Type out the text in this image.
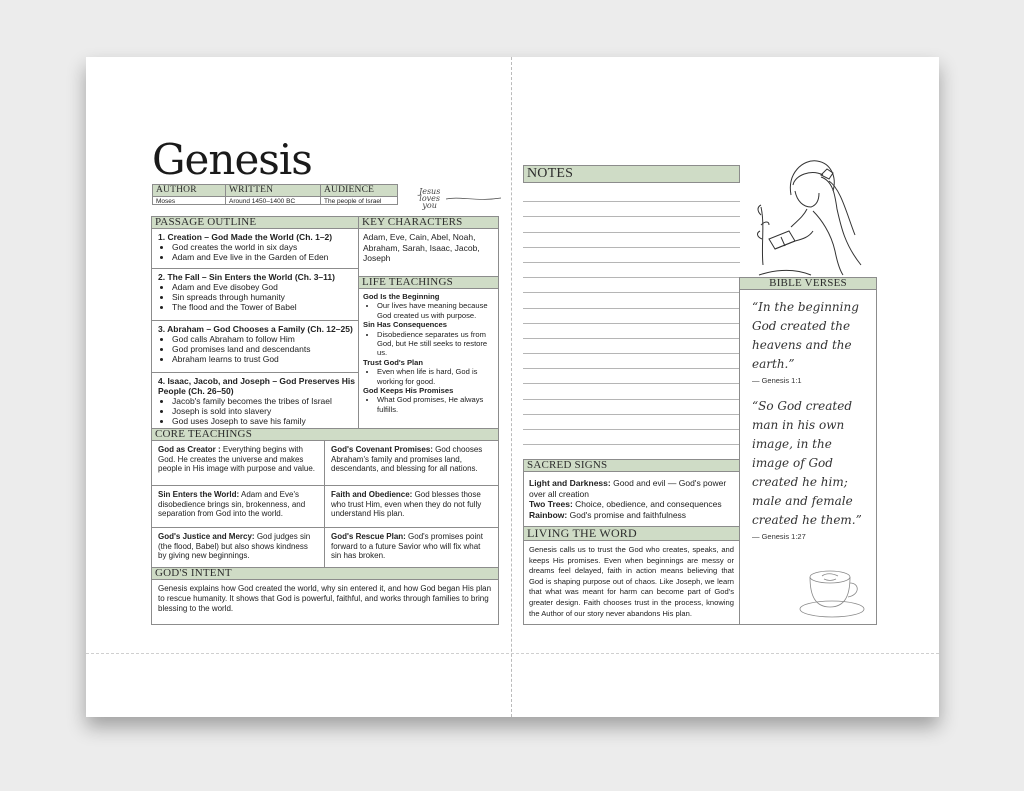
Genesis
AUTHOR
Moses
WRITTEN
Around 1450–1400 BC
AUDIENCE
The people of Israel
Jesus
loves
you
PASSAGE OUTLINE
1. Creation – God Made the World (Ch. 1–2)
• God creates the world in six days
• Adam and Eve live in the Garden of Eden
2. The Fall – Sin Enters the World (Ch. 3–11)
• Adam and Eve disobey God
• Sin spreads through humanity
• The flood and the Tower of Babel
3. Abraham – God Chooses a Family (Ch. 12–25)
• God calls Abraham to follow Him
• God promises land and descendants
• Abraham learns to trust God
4. Isaac, Jacob, and Joseph – God Preserves His People (Ch. 26–50)
• Jacob's family becomes the tribes of Israel
• Joseph is sold into slavery
• God uses Joseph to save his family
KEY CHARACTERS
Adam, Eve, Cain, Abel, Noah, Abraham, Sarah, Isaac, Jacob, Joseph
LIFE TEACHINGS
God Is the Beginning
• Our lives have meaning because God created us with purpose.
Sin Has Consequences
• Disobedience separates us from God, but He still seeks to restore us.
Trust God's Plan
• Even when life is hard, God is working for good.
God Keeps His Promises
• What God promises, He always fulfills.
CORE TEACHINGS
God as Creator : Everything begins with God. He creates the universe and makes people in His image with purpose and value.
God's Covenant Promises: God chooses Abraham's family and promises land, descendants, and blessing for all nations.
Sin Enters the World: Adam and Eve's disobedience brings sin, brokenness, and separation from God into the world.
Faith and Obedience: God blesses those who trust Him, even when they do not fully understand His plan.
God's Justice and Mercy: God judges sin (the flood, Babel) but also shows kindness by giving new beginnings.
God's Rescue Plan: God's promises point forward to a future Savior who will fix what sin has broken.
GOD'S INTENT
Genesis explains how God created the world, why sin entered it, and how God began His plan to rescue humanity. It shows that God is powerful, faithful, and works through families to bring blessing to the world.
NOTES
SACRED SIGNS
Light and Darkness: Good and evil — God's power over all creation
Two Trees: Choice, obedience, and consequences
Rainbow: God's promise and faithfulness
LIVING THE WORD
Genesis calls us to trust the God who creates, speaks, and keeps His promises. Even when beginnings are messy or dreams feel delayed, faith in action means believing that God is shaping purpose out of chaos. Like Joseph, we learn that what was meant for harm can become part of God's greater design. Faith chooses trust in the process, knowing the Author of our story never abandons His plan.
BIBLE VERSES
“In the beginning God created the heavens and the earth.”
— Genesis 1:1
“So God created man in his own image, in the image of God created he him; male and female created he them.”
— Genesis 1:27
